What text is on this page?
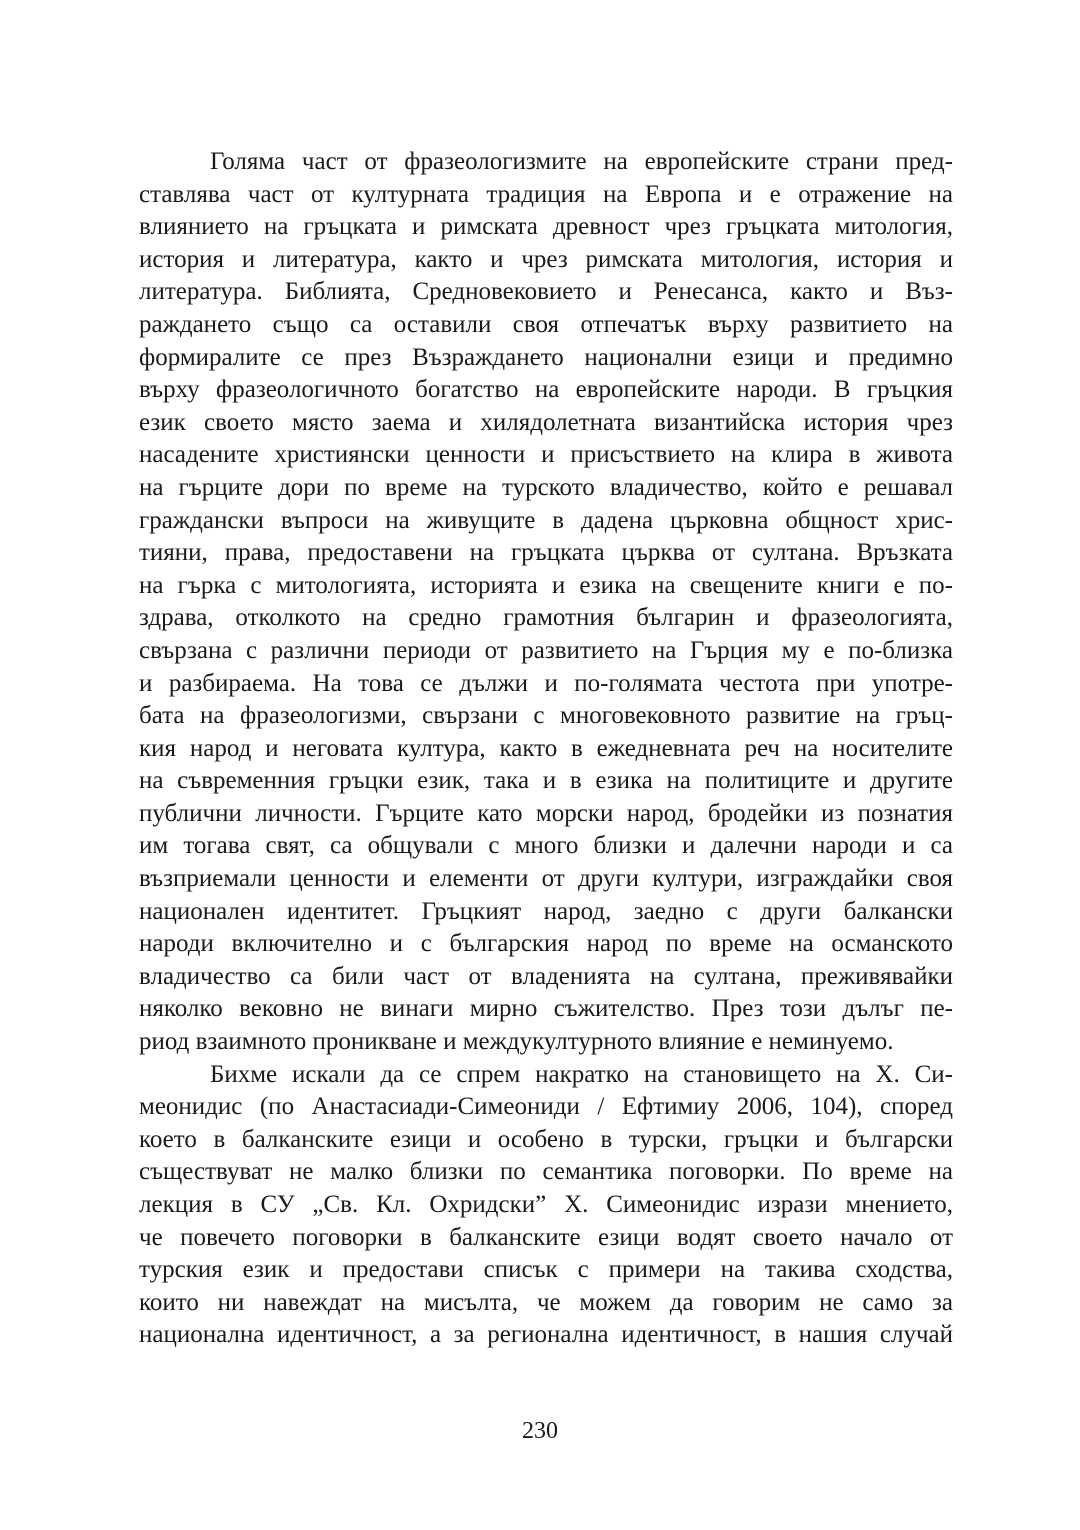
Голяма част от фразеологизмите на европейските страни пред-
ставлява част от културната традиция на Европа и е отражение на
влиянието на гръцката и римската древност чрез гръцката митология,
история и литература, както и чрез римската митология, история и
литература. Библията, Средновековието и Ренесанса, както и Въз-
раждането също са оставили своя отпечатък върху развитието на
формиралите се през Възраждането национални езици и предимно
върху фразеологичното богатство на европейските народи. В гръцкия
език своето място заема и хилядолетната византийска история чрез
насадените християнски ценности и присъствието на клира в живота
на гърците дори по време на турското владичество, който е решавал
граждански въпроси на живущите в дадена църковна общност хрис-
тияни, права, предоставени на гръцката църква от султана. Връзката
на гърка с митологията, историята и езика на свещените книги е по-
здрава, отколкото на средно грамотния българин и фразеологията,
свързана с различни периоди от развитието на Гърция му е по-близка
и разбираема. На това се дължи и по-голямата честота при употре-
бата на фразеологизми, свързани с многовековното развитие на гръц-
кия народ и неговата култура, както в ежедневната реч на носителите
на съвременния гръцки език, така и в езика на политиците и другите
публични личности. Гърците като морски народ, бродейки из познатия
им тогава свят, са общували с много близки и далечни народи и са
възприемали ценности и елементи от други култури, изграждайки своя
национален идентитет. Гръцкият народ, заедно с други балкански
народи включително и с българския народ по време на османското
владичество са били част от владенията на султана, преживявайки
няколко вековно не винаги мирно съжителство. През този дълъг пе-
риод взаимното проникване и междукултурното влияние е неминуемо.
Бихме искали да се спрем накратко на становището на Х. Си-
меонидис (по Анастасиади-Симеониди / Ефтимиу 2006, 104), според
което в балканските езици и особено в турски, гръцки и български
съществуват не малко близки по семантика поговорки. По време на
лекция в СУ „Св. Кл. Охридски” Х. Симеонидис изрази мнението,
че повечето поговорки в балканските езици водят своето начало от
турския език и предостави списък с примери на такива сходства,
които ни навеждат на мисълта, че можем да говорим не само за
национална идентичност, а за регионална идентичност, в нашия случай
230
